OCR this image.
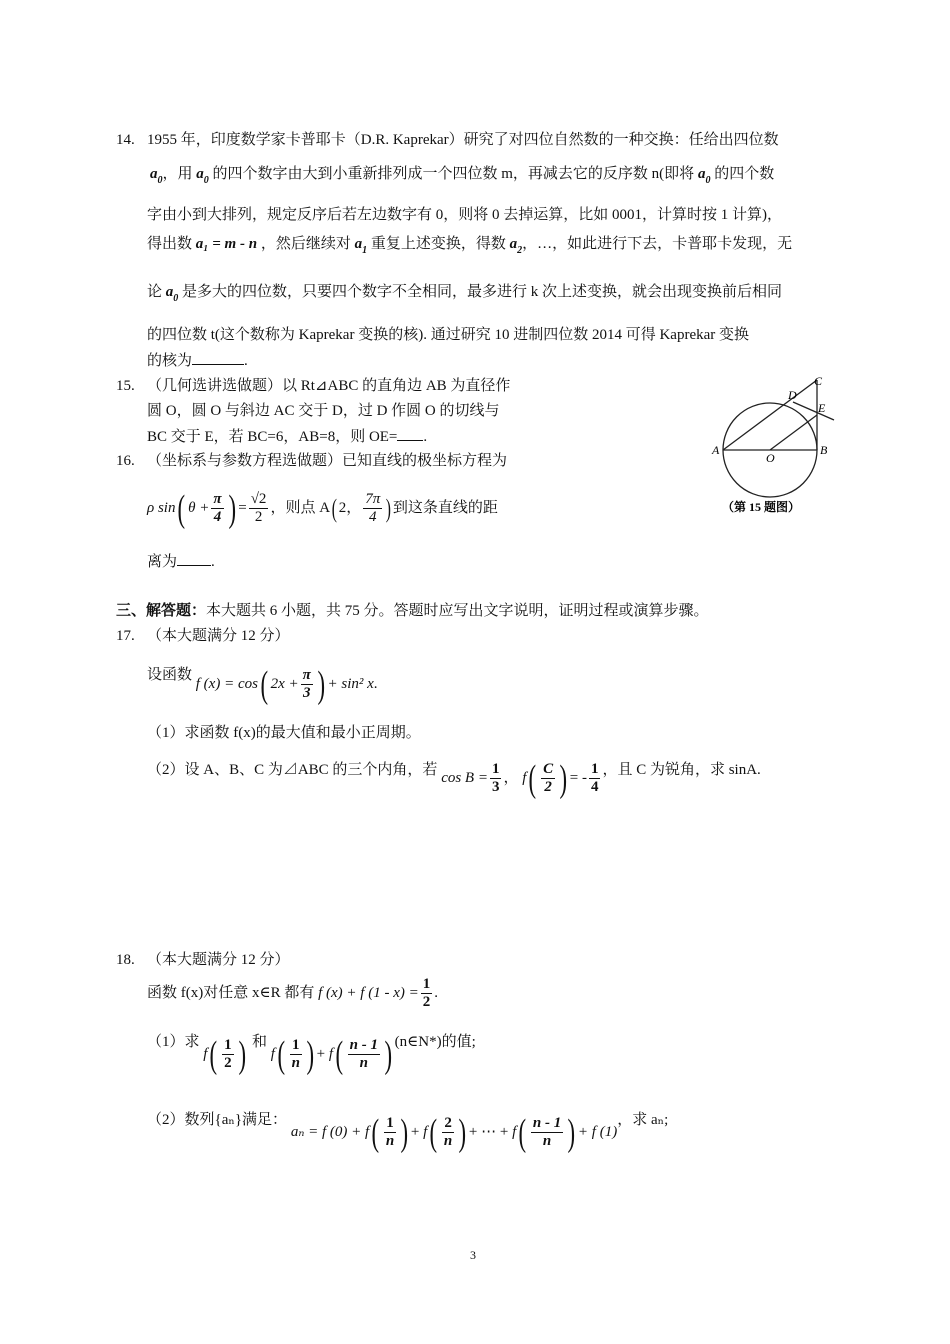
14. 1955 年，印度数学家卡普耶卡（D.R. Kaprekar）研究了对四位自然数的一种交换：任给出四位数
$a_0$，用 $a_0$ 的四个数字由大到小重新排列成一个四位数 m，再减去它的反序数 n(即将 $a_0$ 的四个数
字由小到大排列，规定反序后若左边数字有 0，则将 0 去掉运算，比如 0001，计算时按 1 计算)，
得出数 a₁ = m - n ，然后继续对 $a_1$ 重复上述变换，得数 $a_2$，…，如此进行下去，卡普耶卡发现，无
论 $a_0$ 是多大的四位数，只要四个数字不全相同，最多进行 k 次上述变换，就会出现变换前后相同
的四位数 t(这个数称为 Kaprekar 变换的核). 通过研究 10 进制四位数 2014 可得 Kaprekar 变换
的核为	.
15. （几何选讲选做题）以 Rt⊿ABC 的直角边 AB 为直径作
圆 O，圆 O 与斜边 AC 交于 D，过 D 作圆 O 的切线与
BC 交于 E，若 BC=6，AB=8，则 OE= .
A	B
C
D
E
O
（第 15 题图）
16. （坐标系与参数方程选做题）已知直线的极坐标方程为
ρ sin( $\theta + \frac{\pi}{4}$ ) = $\frac{√2}{2}$ ，则点 A( 2， $\frac{7\pi}{4}$ ) 到这条直线的距
离为 .
三、解答题：本大题共 6 小题，共 75 分。答题时应写出文字说明，证明过程或演算步骤。
17. （本大题满分 12 分）
设函数 f (x) = cos( $2x + \frac{\pi}{3}$ ) + sin² x.
（1）求函数 f(x)的最大值和最小正周期。
（2）设 A、B、C 为⊿ABC 的三个内角，若 $\cos B = \frac{1}{3}$ ， $f( \frac{C}{2}$ ) = - $\frac{1}{4}$ ，且 C 为锐角，求 sinA.
18. （本大题满分 12 分）
函数 f(x)对任意 x∈R 都有 f (x) + f $(1 - x) = \frac{1}{2}$ .
（1）求 $f( \frac{1}{2}$ ) 和 $f( \frac{1}{n}$ ) + $f( \frac{n - 1}{n}$ ) (n∈N*)的值;
（2）数列{aₙ}满足： aₙ = f $(0) + f( \frac{1}{n}$ ) + $f( \frac{2}{n}$ ) + ⋯ + $f( \frac{n - 1}{n}$ ) + f (1)，求 aₙ;
3
